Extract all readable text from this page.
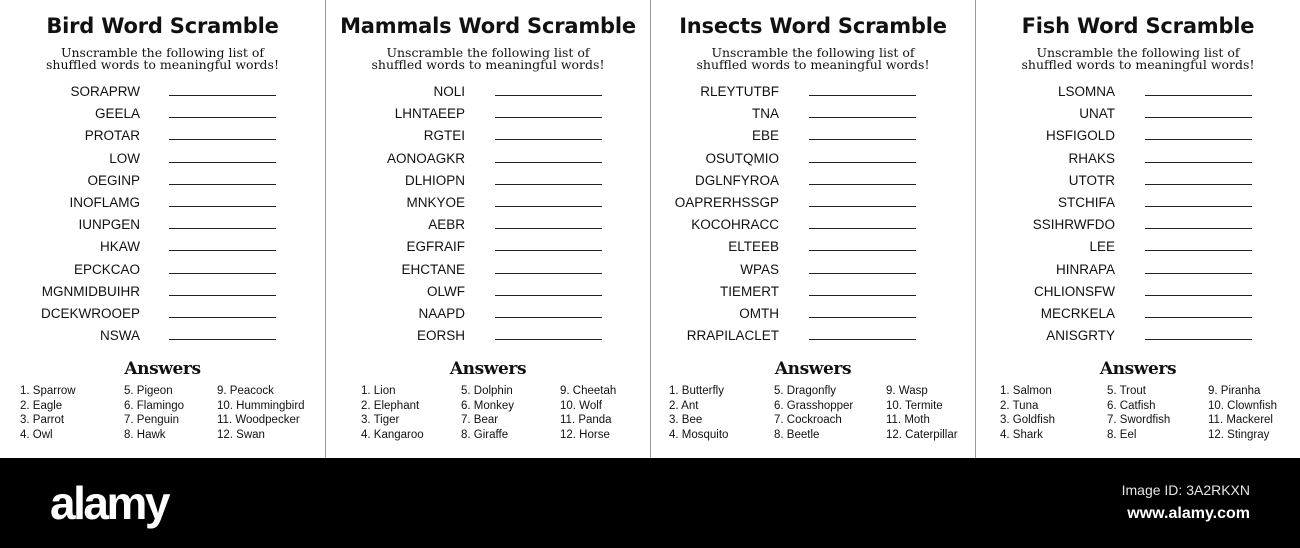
Bird Word Scramble
Unscramble the following list of
shuffled words to meaningful words!
SORAPRW
GEELA
PROTAR
LOW
OEGINP
INOFLAMG
IUNPGEN
HKAW
EPCKCAO
MGNMIDBUIHR
DCEKWROOEP
NSWA
Answers
1. Sparrow
2. Eagle
3. Parrot
4. Owl
5. Pigeon
6. Flamingo
7. Penguin
8. Hawk
9. Peacock
10. Hummingbird
11. Woodpecker
12. Swan
Mammals Word Scramble
Unscramble the following list of
shuffled words to meaningful words!
NOLI
LHNTAEEP
RGTEI
AONOAGKR
DLHIOPN
MNKYOE
AEBR
EGFRAIF
EHCTANE
OLWF
NAAPD
EORSH
Answers
1. Lion
2. Elephant
3. Tiger
4. Kangaroo
5. Dolphin
6. Monkey
7. Bear
8. Giraffe
9. Cheetah
10. Wolf
11. Panda
12. Horse
Insects Word Scramble
Unscramble the following list of
shuffled words to meaningful words!
RLEYTUTBF
TNA
EBE
OSUTQMIO
DGLNFYROA
OAPRERHSSGP
KOCOHRACC
ELTEEB
WPAS
TIEMERT
OMTH
RRAPILACLET
Answers
1. Butterfly
2. Ant
3. Bee
4. Mosquito
5. Dragonfly
6. Grasshopper
7. Cockroach
8. Beetle
9. Wasp
10. Termite
11. Moth
12. Caterpillar
Fish Word Scramble
Unscramble the following list of
shuffled words to meaningful words!
LSOMNA
UNAT
HSFIGOLD
RHAKS
UTOTR
STCHIFA
SSIHRWFDO
LEE
HINRAPA
CHLIONSFW
MECRKELA
ANISGRTY
Answers
1. Salmon
2. Tuna
3. Goldfish
4. Shark
5. Trout
6. Catfish
7. Swordfish
8. Eel
9. Piranha
10. Clownfish
11. Mackerel
12. Stingray
alamy	Image ID: 3A2RKXN
www.alamy.com
